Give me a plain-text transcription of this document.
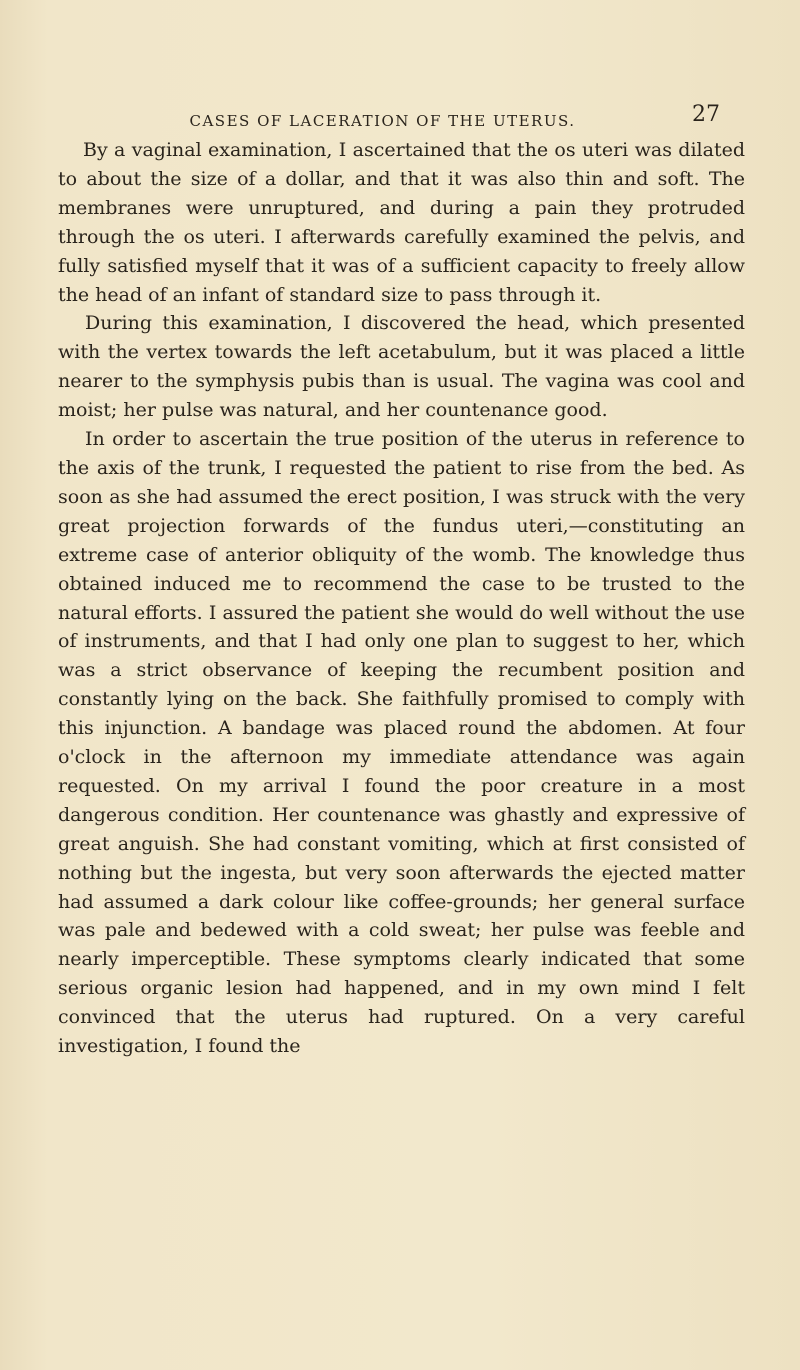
CASES OF LACERATION OF THE UTERUS.	27

By a vaginal examination, I ascertained that the os uteri was dilated to about the size of a dollar, and that it was also thin and soft. The membranes were unruptured, and during a pain they protruded through the os uteri. I afterwards carefully examined the pelvis, and fully satisfied myself that it was of a sufficient capacity to freely allow the head of an infant of standard size to pass through it.

During this examination, I discovered the head, which presented with the vertex towards the left acetabulum, but it was placed a little nearer to the symphysis pubis than is usual. The vagina was cool and moist; her pulse was natural, and her countenance good.

In order to ascertain the true position of the uterus in reference to the axis of the trunk, I requested the patient to rise from the bed. As soon as she had assumed the erect position, I was struck with the very great projection forwards of the fundus uteri,—constituting an extreme case of anterior obliquity of the womb. The knowledge thus obtained induced me to recommend the case to be trusted to the natural efforts. I assured the patient she would do well without the use of instruments, and that I had only one plan to suggest to her, which was a strict observance of keeping the recumbent position and constantly lying on the back. She faithfully promised to comply with this injunction. A bandage was placed round the abdomen. At four o'clock in the afternoon my immediate attendance was again requested. On my arrival I found the poor creature in a most dangerous condition. Her countenance was ghastly and expressive of great anguish. She had constant vomiting, which at first consisted of nothing but the ingesta, but very soon afterwards the ejected matter had assumed a dark colour like coffee-grounds; her general surface was pale and bedewed with a cold sweat; her pulse was feeble and nearly imperceptible. These symptoms clearly indicated that some serious organic lesion had happened, and in my own mind I felt convinced that the uterus had ruptured. On a very careful investigation, I found the
